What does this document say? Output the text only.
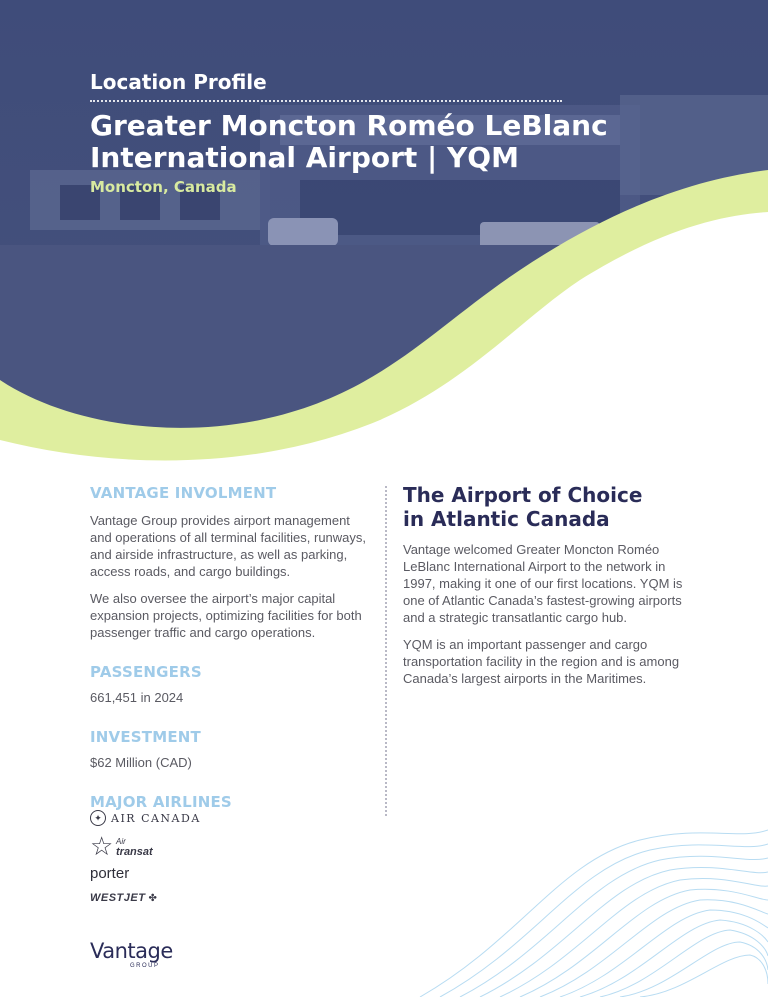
Location Profile
Greater Moncton Roméo LeBlanc
International Airport | YQM
Moncton, Canada

VANTAGE INVOLMENT

Vantage Group provides airport management and operations of all terminal facilities, runways, and airside infrastructure, as well as parking, access roads, and cargo buildings.

We also oversee the airport’s major capital expansion projects, optimizing facilities for both passenger traffic and cargo operations.

PASSENGERS

661,451 in 2024

INVESTMENT

$62 Million (CAD)

MAJOR AIRLINES

✦ AIR CANADA
☆ Air
transat
porter
WESTJET ✤
The Airport of Choice
in Atlantic Canada

Vantage welcomed Greater Moncton Roméo LeBlanc International Airport to the network in 1997, making it one of our first locations. YQM is one of Atlantic Canada’s fastest-growing airports and a strategic transatlantic cargo hub.

YQM is an important passenger and cargo transportation facility in the region and is among Canada’s largest airports in the Maritimes.

Vantage
GROUP
